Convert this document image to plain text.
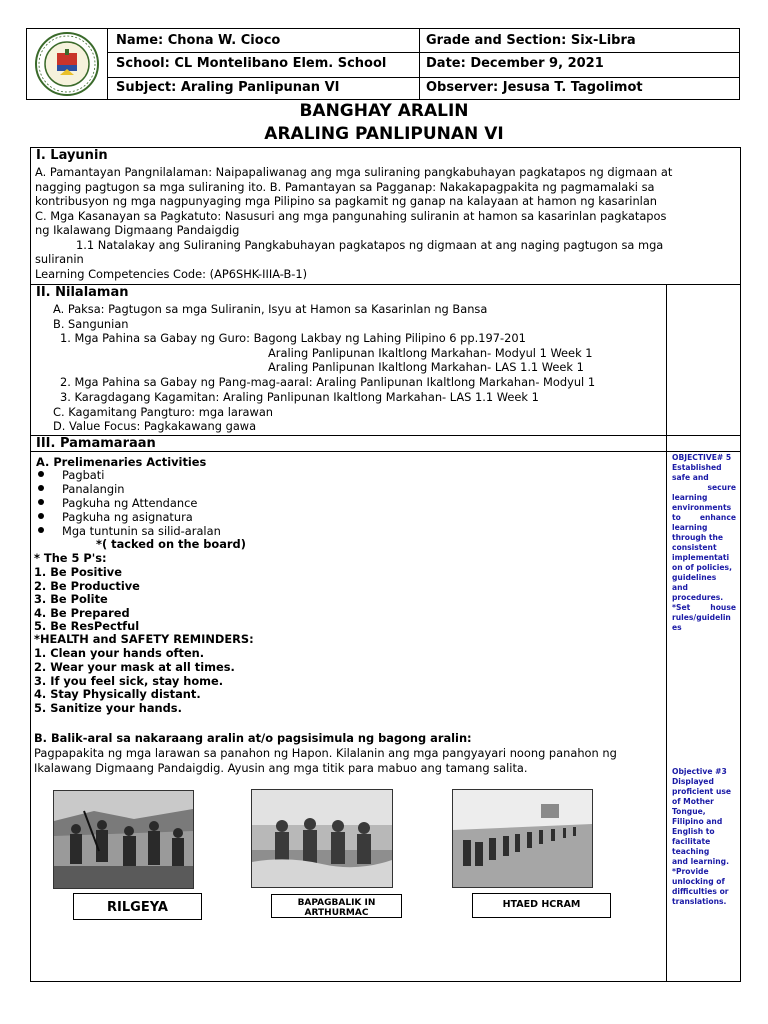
Name: Chona W. Cioco
School: CL Montelibano Elem. School
Subject: Araling Panlipunan VI
Grade and Section: Six-Libra
Date: December 9, 2021
Observer: Jesusa T. Tagolimot
BANGHAY ARALIN
ARALING PANLIPUNAN VI
I. Layunin
A. Pamantayan Pangnilalaman: Naipapaliwanag ang mga suliraning pangkabuhayan pagkatapos ng digmaan at
nagging pagtugon sa mga suliraning ito. B. Pamantayan sa Pagganap: Nakakapagpakita ng pagmamalaki sa
kontribusyon ng mga nagpunyaging mga Pilipino sa pagkamit ng ganap na kalayaan at hamon ng kasarinlan
C. Mga Kasanayan sa Pagkatuto: Nasusuri ang mga pangunahing suliranin at hamon sa kasarinlan pagkatapos
ng Ikalawang Digmaang Pandaigdig
1.1 Natalakay ang Suliraning Pangkabuhayan pagkatapos ng digmaan at ang naging pagtugon sa mga
suliranin
Learning Competencies Code: (AP6SHK-IIIA-B-1)
II. Nilalaman
A. Paksa: Pagtugon sa mga Suliranin, Isyu at Hamon sa Kasarinlan ng Bansa
B. Sangunian
1. Mga Pahina sa Gabay ng Guro: Bagong Lakbay ng Lahing Pilipino 6 pp.197-201
Araling Panlipunan Ikaltlong Markahan- Modyul 1 Week 1
Araling Panlipunan Ikaltlong Markahan- LAS 1.1 Week 1
2. Mga Pahina sa Gabay ng Pang-mag-aaral: Araling Panlipunan Ikaltlong Markahan- Modyul 1
3. Karagdagang Kagamitan: Araling Panlipunan Ikaltlong Markahan- LAS 1.1 Week 1
C. Kagamitang Pangturo: mga larawan
D. Value Focus: Pagkakawang gawa
III. Pamamaraan
A. Prelimenaries Activities
Pagbati
Panalangin
Pagkuha ng Attendance
Pagkuha ng asignatura
Mga tuntunin sa silid-aralan
*( tacked on the board)
* The 5 P's:
1. Be Positive
2. Be Productive
3. Be Polite
4. Be Prepared
5. Be ResPectful
*HEALTH and SAFETY REMINDERS:
1. Clean your hands often.
2. Wear your mask at all times.
3. If you feel sick, stay home.
4. Stay Physically distant.
5. Sanitize your hands.
B. Balik-aral sa nakaraang aralin at/o pagsisimula ng bagong aralin:
Pagpapakita ng mga larawan sa panahon ng Hapon. Kilalanin ang mga pangyayari noong panahon ng
Ikalawang Digmaang Pandaigdig. Ayusin ang mga titik para mabuo ang tamang salita.
RILGEYA	BAPAGBALIK IN ARTHURMAC
HTAED HCRAM
OBJECTIVE# 5
Established
safe and
secure
learning
environments
to enhance
learning
through the
consistent
implementati
on of policies,
guidelines
and
procedures.
*Set	house
rules/guidelin
es
Objective #3
Displayed
proficient use
of Mother
Tongue,
Filipino and
English to
facilitate
teaching
and learning.
*Provide
unlocking of
difficulties or
translations.
